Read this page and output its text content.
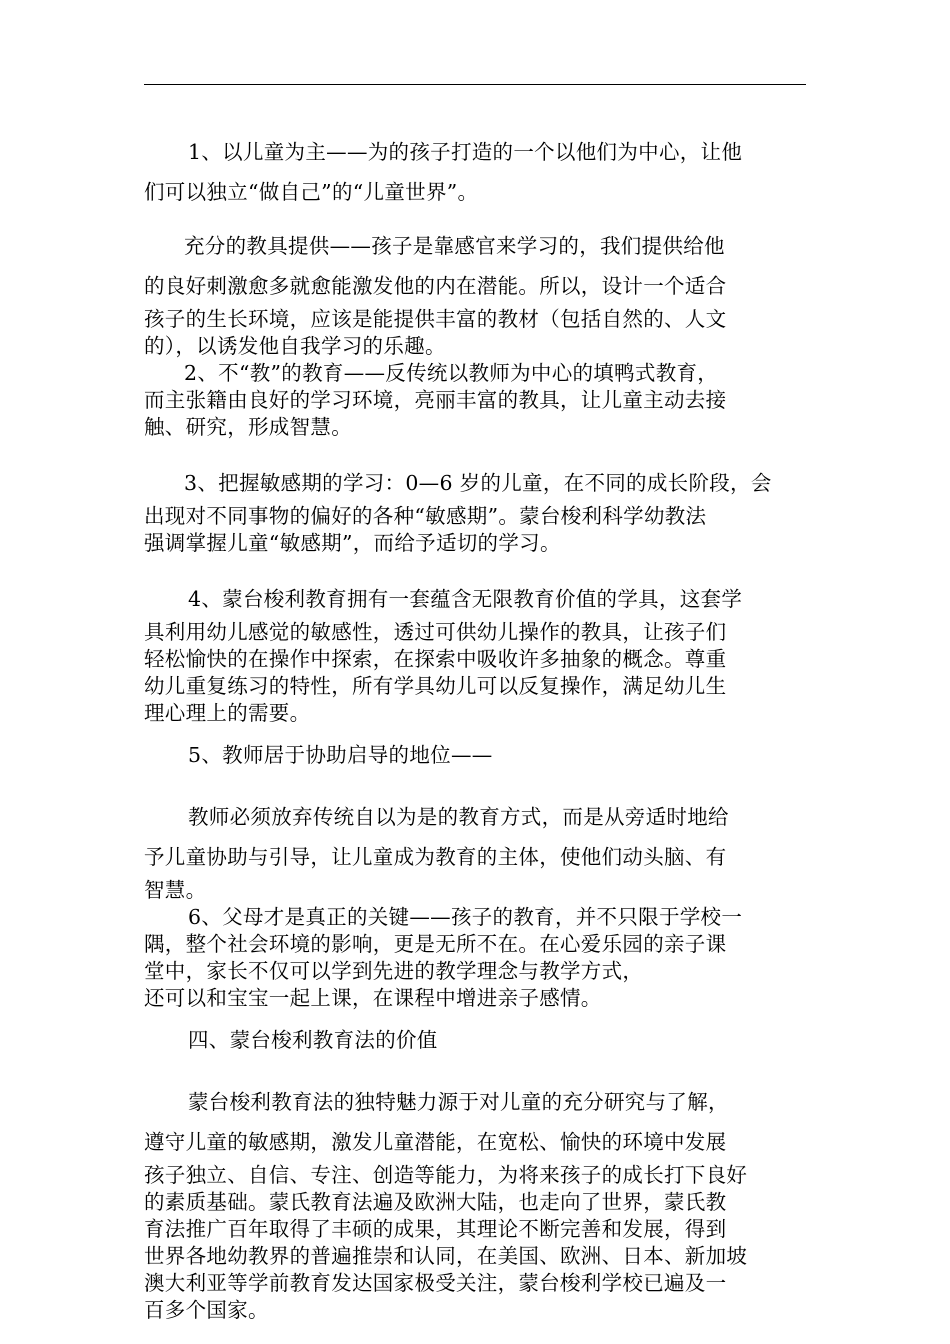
1、以儿童为主——为的孩子打造的一个以他们为中心，让他
们可以独立“做自己”的“儿童世界”。

充分的教具提供——孩子是靠感官来学习的，我们提供给他
的良好刺激愈多就愈能激发他的内在潜能。所以，设计一个适合
孩子的生长环境，应该是能提供丰富的教材（包括自然的、人文
的），以诱发他自我学习的乐趣。

2、不“教”的教育——反传统以教师为中心的填鸭式教育，
而主张籍由良好的学习环境，亮丽丰富的教具，让儿童主动去接
触、研究，形成智慧。

3、把握敏感期的学习：0—6 岁的儿童，在不同的成长阶段，会
出现对不同事物的偏好的各种“敏感期”。蒙台梭利科学幼教法
强调掌握儿童“敏感期”，而给予适切的学习。

4、蒙台梭利教育拥有一套蕴含无限教育价值的学具，这套学
具利用幼儿感觉的敏感性，透过可供幼儿操作的教具，让孩子们
轻松愉快的在操作中探索，在探索中吸收许多抽象的概念。尊重
幼儿重复练习的特性，所有学具幼儿可以反复操作，满足幼儿生
理心理上的需要。

5、教师居于协助启导的地位——

教师必须放弃传统自以为是的教育方式，而是从旁适时地给
予儿童协助与引导，让儿童成为教育的主体，使他们动头脑、有
智慧。

6、父母才是真正的关键——孩子的教育，并不只限于学校一
隅，整个社会环境的影响，更是无所不在。在心爱乐园的亲子课
堂中，家长不仅可以学到先进的教学理念与教学方式，
还可以和宝宝一起上课，在课程中增进亲子感情。

四、蒙台梭利教育法的价值

蒙台梭利教育法的独特魅力源于对儿童的充分研究与了解，
遵守儿童的敏感期，激发儿童潜能，在宽松、愉快的环境中发展
孩子独立、自信、专注、创造等能力，为将来孩子的成长打下良好
的素质基础。蒙氏教育法遍及欧洲大陆，也走向了世界，蒙氏教
育法推广百年取得了丰硕的成果，其理论不断完善和发展，得到
世界各地幼教界的普遍推崇和认同，在美国、欧洲、日本、新加坡
澳大利亚等学前教育发达国家极受关注，蒙台梭利学校已遍及一
百多个国家。
